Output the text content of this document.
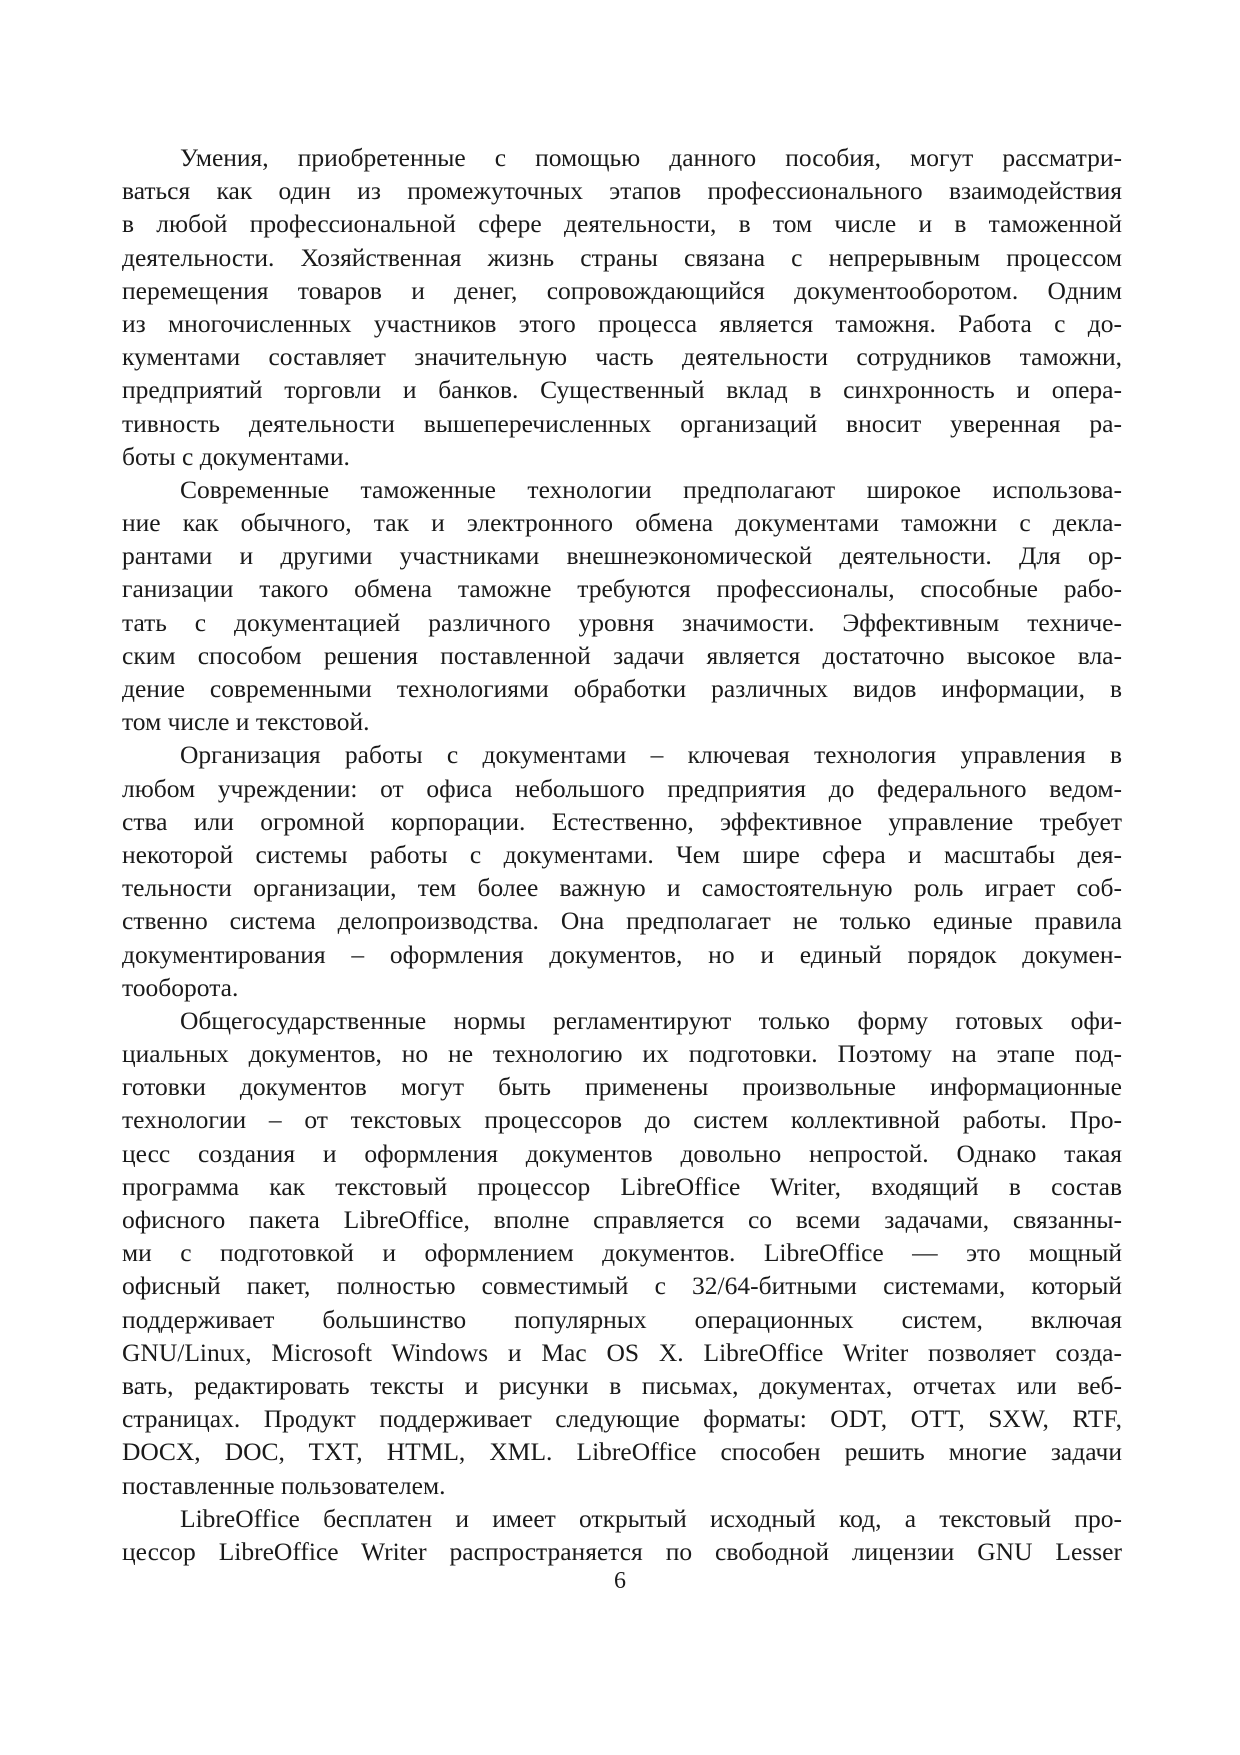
Умения, приобретенные с помощью данного пособия, могут рассматри-
ваться как один из промежуточных этапов профессионального взаимодействия
в любой профессиональной сфере деятельности, в том числе и в таможенной
деятельности. Хозяйственная жизнь страны связана с непрерывным процессом
перемещения товаров и денег, сопровождающийся документооборотом. Одним
из многочисленных участников этого процесса является таможня. Работа с до-
кументами составляет значительную часть деятельности сотрудников таможни,
предприятий торговли и банков. Существенный вклад в синхронность и опера-
тивность деятельности вышеперечисленных организаций вносит уверенная ра-
боты с документами.
Современные таможенные технологии предполагают широкое использова-
ние как обычного, так и электронного обмена документами таможни с декла-
рантами и другими участниками внешнеэкономической деятельности. Для ор-
ганизации такого обмена таможне требуются профессионалы, способные рабо-
тать с документацией различного уровня значимости. Эффективным техниче-
ским способом решения поставленной задачи является достаточно высокое вла-
дение современными технологиями обработки различных видов информации, в
том числе и текстовой.
Организация работы с документами – ключевая технология управления в
любом учреждении: от офиса небольшого предприятия до федерального ведом-
ства или огромной корпорации. Естественно, эффективное управление требует
некоторой системы работы с документами. Чем шире сфера и масштабы дея-
тельности организации, тем более важную и самостоятельную роль играет соб-
ственно система делопроизводства. Она предполагает не только единые правила
документирования – оформления документов, но и единый порядок докумен-
тооборота.
Общегосударственные нормы регламентируют только форму готовых офи-
циальных документов, но не технологию их подготовки. Поэтому на этапе под-
готовки документов могут быть применены произвольные информационные
технологии – от текстовых процессоров до систем коллективной работы. Про-
цесс создания и оформления документов довольно непростой. Однако такая
программа как текстовый процессор LibreOffice Writer, входящий в состав
офисного пакета LibreOffice, вполне справляется со всеми задачами, связанны-
ми с подготовкой и оформлением документов. LibreOffice — это мощный
офисный пакет, полностью совместимый с 32/64-битными системами, который
поддерживает большинство популярных операционных систем, включая
GNU/Linux, Microsoft Windows и Mac OS X. LibreOffice Writer позволяет созда-
вать, редактировать тексты и рисунки в письмах, документах, отчетах или веб-
страницах. Продукт поддерживает следующие форматы: ODT, OTT, SXW, RTF,
DOCX, DOC, TXT, HTML, XML. LibreOffice способен решить многие задачи
поставленные пользователем.
LibreOffice бесплатен и имеет открытый исходный код, а текстовый про-
цессор LibreOffice Writer распространяется по свободной лицензии GNU Lesser
6
